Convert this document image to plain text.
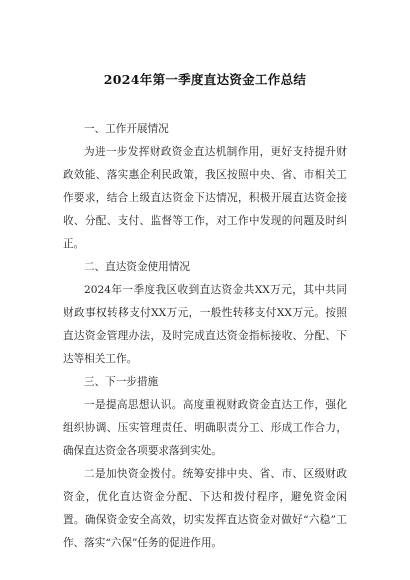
2024年第一季度直达资金工作总结

一、工作开展情况

为进一步发挥财政资金直达机制作用，更好支持提升财政效能、落实惠企利民政策，我区按照中央、省、市相关工作要求，结合上级直达资金下达情况，积极开展直达资金接收、分配、支付、监督等工作，对工作中发现的问题及时纠正。

二、直达资金使用情况

2024年一季度我区收到直达资金共XX万元，其中共同财政事权转移支付XX万元，一般性转移支付XX万元。按照直达资金管理办法，及时完成直达资金指标接收、分配、下达等相关工作。

三、下一步措施

一是提高思想认识。高度重视财政资金直达工作，强化组织协调、压实管理责任、明确职责分工、形成工作合力，确保直达资金各项要求落到实处。

二是加快资金拨付。统筹安排中央、省、市、区级财政资金，优化直达资金分配、下达和拨付程序，避免资金闲置。确保资金安全高效，切实发挥直达资金对做好“六稳”工作、落实“六保”任务的促进作用。
